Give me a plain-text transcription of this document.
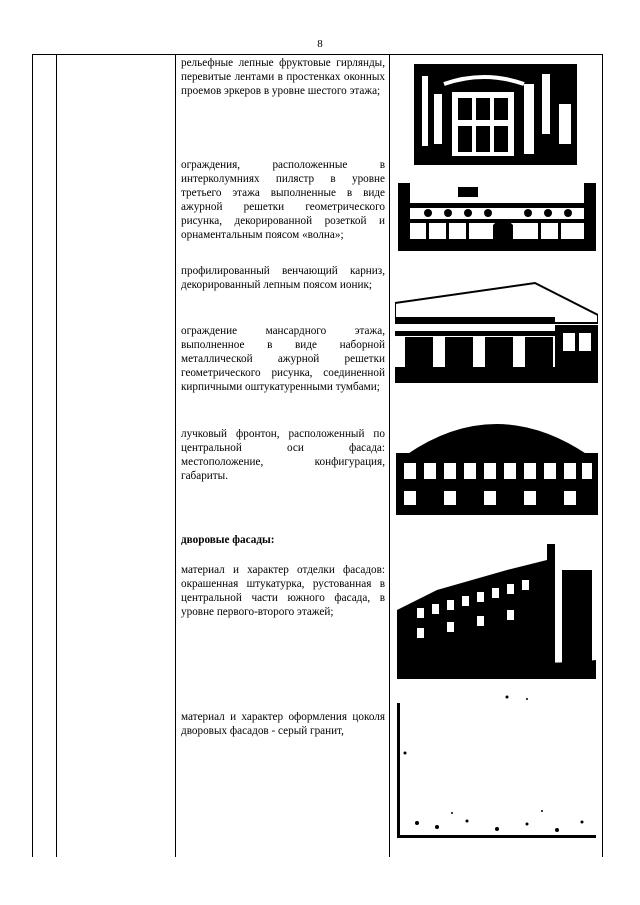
8
рельефные лепные фруктовые гирлянды, перевитые лентами в простенках оконных проемов эркеров в уровне шестого этажа;
ограждения, расположенные в интерколумниях пилястр в уровне третьего этажа выполненные в виде ажурной решетки геометрического рисунка, декорированной розеткой и орнаментальным поясом «волна»;
профилированный венчающий карниз, декорированный лепным поясом ионик;
ограждение мансардного этажа, выполненное в виде наборной металлической ажурной решетки геометрического рисунка, соединенной кирпичными оштукатуренными тумбами;
лучковый фронтон, расположенный по центральной оси фасада: местоположение, конфигурация, габариты.
дворовые фасады:
материал и характер отделки фасадов: окрашенная штукатурка, рустованная в центральной части южного фасада, в уровне первого-второго этажей;
материал и характер оформления цоколя дворовых фасадов - серый гранит,
